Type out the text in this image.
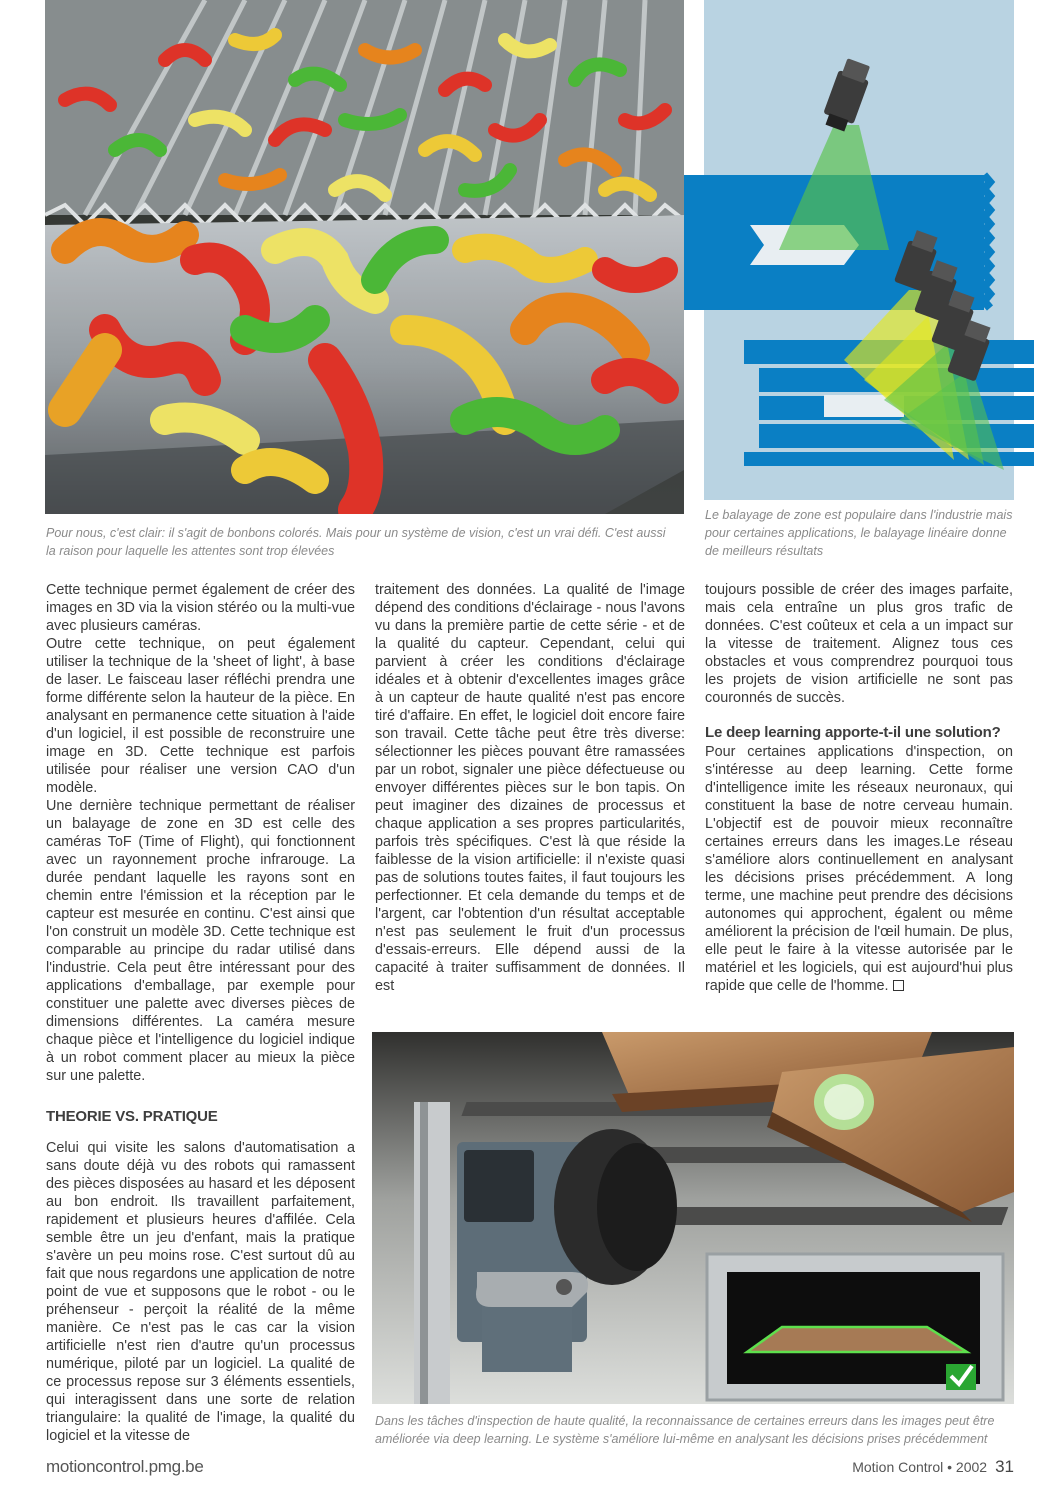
Pour nous, c'est clair: il s'agit de bonbons colorés. Mais pour un système de vision, c'est un vrai défi. C'est aussi la raison pour laquelle les attentes sont trop élevées

Le balayage de zone est populaire dans l'industrie mais pour certaines applications, le balayage linéaire donne de meilleurs résultats

Cette technique permet également de créer des images en 3D via la vision stéréo ou la multi-vue avec plusieurs caméras.

Outre cette technique, on peut également utiliser la technique de la 'sheet of light', à base de laser. Le faisceau laser réfléchi prendra une forme différente selon la hauteur de la pièce. En analysant en permanence cette situation à l'aide d'un logiciel, il est possible de reconstruire une image en 3D. Cette technique est parfois utilisée pour réaliser une version CAO d'un modèle.

Une dernière technique permettant de réaliser un balayage de zone en 3D est celle des caméras ToF (Time of Flight), qui fonctionnent avec un rayonnement proche infrarouge. La durée pendant laquelle les rayons sont en chemin entre l'émission et la réception par le capteur est mesurée en continu. C'est ainsi que l'on construit un modèle 3D. Cette technique est comparable au principe du radar utilisé dans l'industrie. Cela peut être intéressant pour des applications d'emballage, par exemple pour constituer une palette avec diverses pièces de dimensions différentes. La caméra mesure chaque pièce et l'intelligence du logiciel indique à un robot comment placer au mieux la pièce sur une palette.

THEORIE VS. PRATIQUE

Celui qui visite les salons d'automatisation a sans doute déjà vu des robots qui ramassent des pièces disposées au hasard et les déposent au bon endroit. Ils travaillent parfaitement, rapidement et plusieurs heures d'affilée. Cela semble être un jeu d'enfant, mais la pratique s'avère un peu moins rose. C'est surtout dû au fait que nous regardons une application de notre point de vue et supposons que le robot - ou le préhenseur - perçoit la réalité de la même manière. Ce n'est pas le cas car la vision artificielle n'est rien d'autre qu'un processus numérique, piloté par un logiciel. La qualité de ce processus repose sur 3 éléments essentiels, qui interagissent dans une sorte de relation triangulaire: la qualité de l'image, la qualité du logiciel et la vitesse de

traitement des données. La qualité de l'image dépend des conditions d'éclairage - nous l'avons vu dans la première partie de cette série - et de la qualité du capteur. Cependant, celui qui parvient à créer les conditions d'éclairage idéales et à obtenir d'excellentes images grâce à un capteur de haute qualité n'est pas encore tiré d'affaire. En effet, le logiciel doit encore faire son travail. Cette tâche peut être très diverse: sélectionner les pièces pouvant être ramassées par un robot, signaler une pièce défectueuse ou envoyer différentes pièces sur le bon tapis. On peut imaginer des dizaines de processus et chaque application a ses propres particularités, parfois très spécifiques. C'est là que réside la faiblesse de la vision artificielle: il n'existe quasi pas de solutions toutes faites, il faut toujours les perfectionner. Et cela demande du temps et de l'argent, car l'obtention d'un résultat acceptable n'est pas seulement le fruit d'un processus d'essais-erreurs. Elle dépend aussi de la capacité à traiter suffisamment de données. Il est

toujours possible de créer des images parfaite, mais cela entraîne un plus gros trafic de données. C'est coûteux et cela a un impact sur la vitesse de traitement. Alignez tous ces obstacles et vous comprendrez pourquoi tous les projets de vision artificielle ne sont pas couronnés de succès.

Le deep learning apporte-t-il une solution?

Pour certaines applications d'inspection, on s'intéresse au deep learning. Cette forme d'intelligence imite les réseaux neuronaux, qui constituent la base de notre cerveau humain. L'objectif est de pouvoir mieux reconnaître certaines erreurs dans les images.Le réseau s'améliore alors continuellement en analysant les décisions prises précédemment. A long terme, une machine peut prendre des décisions autonomes qui approchent, égalent ou même améliorent la précision de l'œil humain. De plus, elle peut le faire à la vitesse autorisée par le matériel et les logiciels, qui est aujourd'hui plus rapide que celle de l'homme.

Dans les tâches d'inspection de haute qualité, la reconnaissance de certaines erreurs dans les images peut être améliorée via deep learning. Le système s'améliore lui-même en analysant les décisions prises précédemment

motioncontrol.pmg.be	Motion Control • 2002 31
